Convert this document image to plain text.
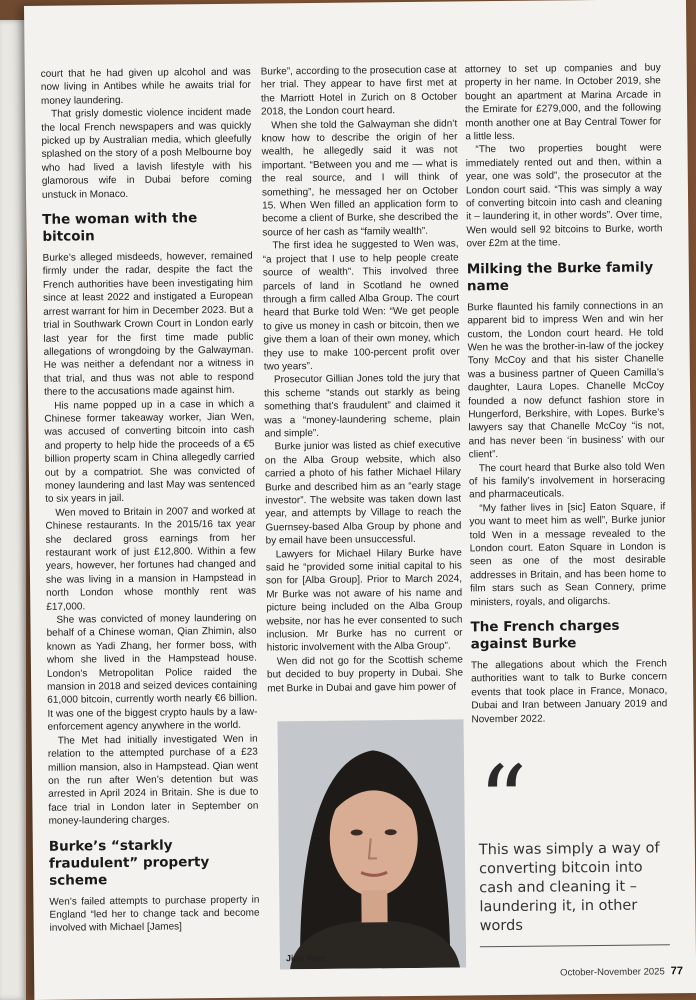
court that he had given up alcohol and was now living in Antibes while he awaits trial for money laundering.

That grisly domestic violence incident made the local French newspapers and was quickly picked up by Australian media, which gleefully splashed on the story of a posh Melbourne boy who had lived a lavish lifestyle with his glamorous wife in Dubai before coming unstuck in Monaco.

The woman with the bitcoin

Burke’s alleged misdeeds, however, remained firmly under the radar, despite the fact the French authorities have been investigating him since at least 2022 and instigated a European arrest warrant for him in December 2023. But a trial in Southwark Crown Court in London early last year for the first time made public allegations of wrongdoing by the Galwayman. He was neither a defendant nor a witness in that trial, and thus was not able to respond there to the accusations made against him.

His name popped up in a case in which a Chinese former takeaway worker, Jian Wen, was accused of converting bitcoin into cash and property to help hide the proceeds of a €5 billion property scam in China allegedly carried out by a compatriot. She was convicted of money laundering and last May was sentenced to six years in jail.

Wen moved to Britain in 2007 and worked at Chinese restaurants. In the 2015/16 tax year she declared gross earnings from her restaurant work of just £12,800. Within a few years, however, her fortunes had changed and she was living in a mansion in Hampstead in north London whose monthly rent was £17,000.

She was convicted of money laundering on behalf of a Chinese woman, Qian Zhimin, also known as Yadi Zhang, her former boss, with whom she lived in the Hampstead house. London’s Metropolitan Police raided the mansion in 2018 and seized devices containing 61,000 bitcoin, currently worth nearly €6 billion. It was one of the biggest crypto hauls by a law-enforcement agency anywhere in the world.

The Met had initially investigated Wen in relation to the attempted purchase of a £23 million mansion, also in Hampstead. Qian went on the run after Wen’s detention but was arrested in April 2024 in Britain. She is due to face trial in London later in September on money-laundering charges.

Burke’s “starkly fraudulent” property scheme

Wen’s failed attempts to purchase property in England “led her to change tack and become involved with Michael [James]

Burke”, according to the prosecution case at her trial. They appear to have first met at the Marriott Hotel in Zurich on 8 October 2018, the London court heard.

When she told the Galwayman she didn’t know how to describe the origin of her wealth, he allegedly said it was not important. “Between you and me — what is the real source, and I will think of something”, he messaged her on October 15. When Wen filled an application form to become a client of Burke, she described the source of her cash as “family wealth”.

The first idea he suggested to Wen was, “a project that I use to help people create source of wealth”. This involved three parcels of land in Scotland he owned through a firm called Alba Group. The court heard that Burke told Wen: “We get people to give us money in cash or bitcoin, then we give them a loan of their own money, which they use to make 100-percent profit over two years”.

Prosecutor Gillian Jones told the jury that this scheme “stands out starkly as being something that’s fraudulent” and claimed it was a “money-laundering scheme, plain and simple”.

Burke junior was listed as chief executive on the Alba Group website, which also carried a photo of his father Michael Hilary Burke and described him as an “early stage investor”. The website was taken down last year, and attempts by Village to reach the Guernsey-based Alba Group by phone and by email have been unsuccessful.

Lawyers for Michael Hilary Burke have said he “provided some initial capital to his son for [Alba Group]. Prior to March 2024, Mr Burke was not aware of his name and picture being included on the Alba Group website, nor has he ever consented to such inclusion. Mr Burke has no current or historic involvement with the Alba Group”.

Wen did not go for the Scottish scheme but decided to buy property in Dubai. She met Burke in Dubai and gave him power of

attorney to set up companies and buy property in her name. In October 2019, she bought an apartment at Marina Arcade in the Emirate for £279,000, and the following month another one at Bay Central Tower for a little less.

“The two properties bought were immediately rented out and then, within a year, one was sold”, the prosecutor at the London court said. “This was simply a way of converting bitcoin into cash and cleaning it – laundering it, in other words”. Over time, Wen would sell 92 bitcoins to Burke, worth over £2m at the time.

Milking the Burke family name

Burke flaunted his family connections in an apparent bid to impress Wen and win her custom, the London court heard. He told Wen he was the brother-in-law of the jockey Tony McCoy and that his sister Chanelle was a business partner of Queen Camilla’s daughter, Laura Lopes. Chanelle McCoy founded a now defunct fashion store in Hungerford, Berkshire, with Lopes. Burke’s lawyers say that Chanelle McCoy “is not, and has never been ‘in business’ with our client”.

The court heard that Burke also told Wen of his family’s involvement in horseracing and pharmaceuticals.

“My father lives in [sic] Eaton Square, if you want to meet him as well”, Burke junior told Wen in a message revealed to the London court. Eaton Square in London is seen as one of the most desirable addresses in Britain, and has been home to film stars such as Sean Connery, prime ministers, royals, and oligarchs.

The French charges against Burke

The allegations about which the French authorities want to talk to Burke concern events that took place in France, Monaco, Dubai and Iran between January 2019 and November 2022.

Jian Wen
“
This was simply a way of converting bitcoin into cash and cleaning it – laundering it, in other words
October-November 2025 77
